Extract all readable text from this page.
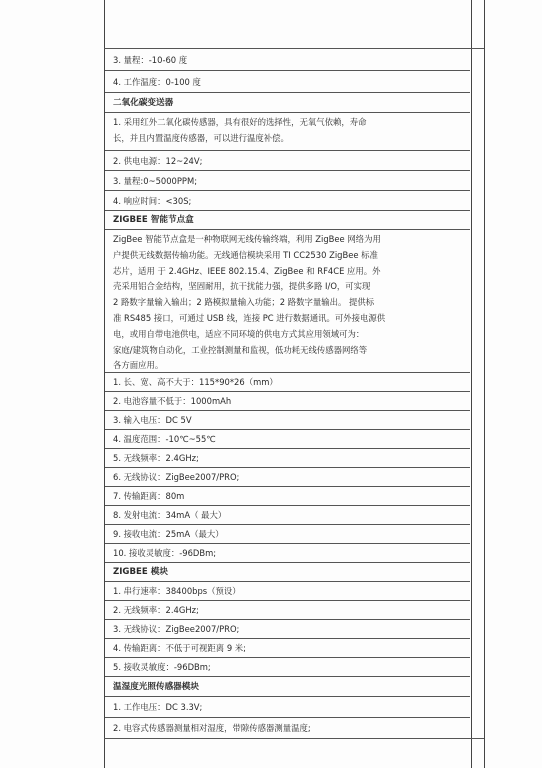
3. 量程：-10-60 度
4. 工作温度：0-100 度
二氧化碳变送器
1. 采用红外二氧化碳传感器，具有很好的选择性，无氧气依赖，寿命
长，并且内置温度传感器，可以进行温度补偿。
2. 供电电源：12~24V;
3. 量程:0~5000PPM;
4. 响应时间：<30S;
ZIGBEE 智能节点盒
ZigBee 智能节点盒是一种物联网无线传输终端，利用 ZigBee 网络为用
户提供无线数据传输功能。无线通信模块采用 TI CC2530 ZigBee 标准
芯片，适用 于 2.4GHz、IEEE 802.15.4、ZigBee 和 RF4CE 应用。外
壳采用铝合金结构，坚固耐用，抗干扰能力强，提供多路 I/O，可实现
2 路数字量输入输出；2 路模拟量输入功能；2 路数字量输出。 提供标
准 RS485 接口，可通过 USB 线，连接 PC 进行数据通讯。可外接电源供
电，或用自带电池供电，适应不同环境的供电方式其应用领域可为：
家庭/建筑物自动化，工业控制测量和监视，低功耗无线传感器网络等
各方面应用。
1. 长、宽、高不大于：115*90*26（mm）
2. 电池容量不低于：1000mAh
3. 输入电压：DC 5V
4. 温度范围：-10℃~55℃
5. 无线频率：2.4GHz;
6. 无线协议：ZigBee2007/PRO;
7. 传输距离：80m
8. 发射电流：34mA（ 最大）
9. 接收电流：25mA（最大）
10. 接收灵敏度：-96DBm;
ZIGBEE 模块
1. 串行速率：38400bps（预设）
2. 无线频率：2.4GHz;
3. 无线协议：ZigBee2007/PRO;
4. 传输距离：不低于可视距离 9 米;
5. 接收灵敏度：-96DBm;
温湿度光照传感器模块
1. 工作电压：DC 3.3V;
2. 电容式传感器测量相对湿度，带隙传感器测量温度;
